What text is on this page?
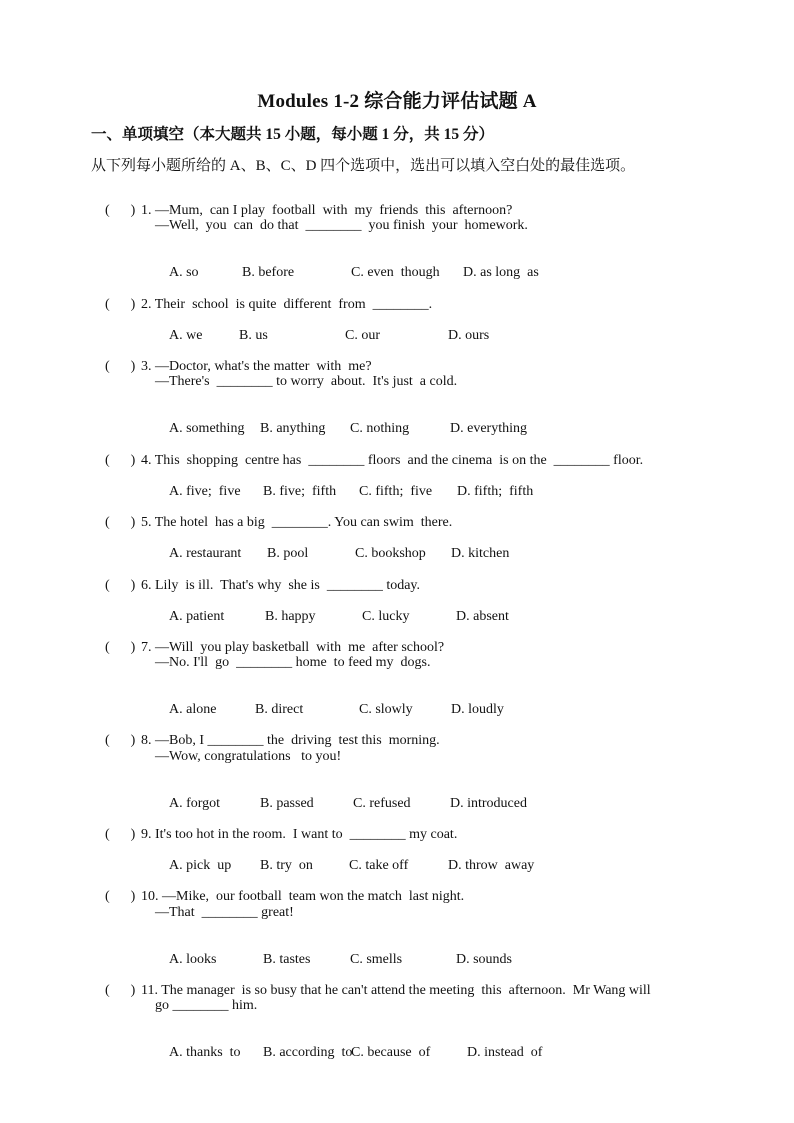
Modules 1-2 综合能力评估试题 A
一、单项填空（本大题共 15 小题，每小题 1 分，共 15 分）
从下列每小题所给的 A、B、C、D 四个选项中，选出可以填入空白处的最佳选项。

(      ) 1. —Mum,  can I play  football  with  my  friends  this  afternoon?

—Well,  you  can  do that  ________  you finish  your  homework.

A. so	B. before	C. even  though D. as long  as

(      ) 2. Their  school  is quite  different  from  ________.

A. we	B. us	C. our	D. ours

(      ) 3. —Doctor, what's the matter  with  me?

—There's  ________ to worry  about.  It's just  a cold.

A. something B. anything C. nothing	D. everything

(      ) 4. This  shopping  centre has  ________ floors  and the cinema  is on the  ________ floor.

A. five;  five B. five;  fifth C. fifth;  five D. fifth;  fifth

(      ) 5. The hotel  has a big  ________. You can swim  there.

A. restaurant B. pool	C. bookshop D. kitchen

(      ) 6. Lily  is ill.  That's why  she is  ________ today.

A. patient	B. happy	C. lucky	D. absent

(      ) 7. —Will  you play basketball  with  me  after school?

—No. I'll  go  ________ home  to feed my  dogs.

A. alone	B. direct	C. slowly	D. loudly

(      ) 8. —Bob, I ________ the  driving  test this  morning.

—Wow, congratulations   to you!

A. forgot	B. passed	C. refused	D. introduced

(      ) 9. It's too hot in the room.  I want to  ________ my coat.

A. pick  up B. try  on	C. take off	D. throw  away

(      ) 10. —Mike,  our football  team won the match  last night.

—That  ________ great!

A. looks	B. tastes	C. smells	D. sounds

(      ) 11. The manager  is so busy that he can't attend the meeting  this  afternoon.  Mr Wang will

go ________ him.

A. thanks  to B. according  toC. because  of	D. instead  of
